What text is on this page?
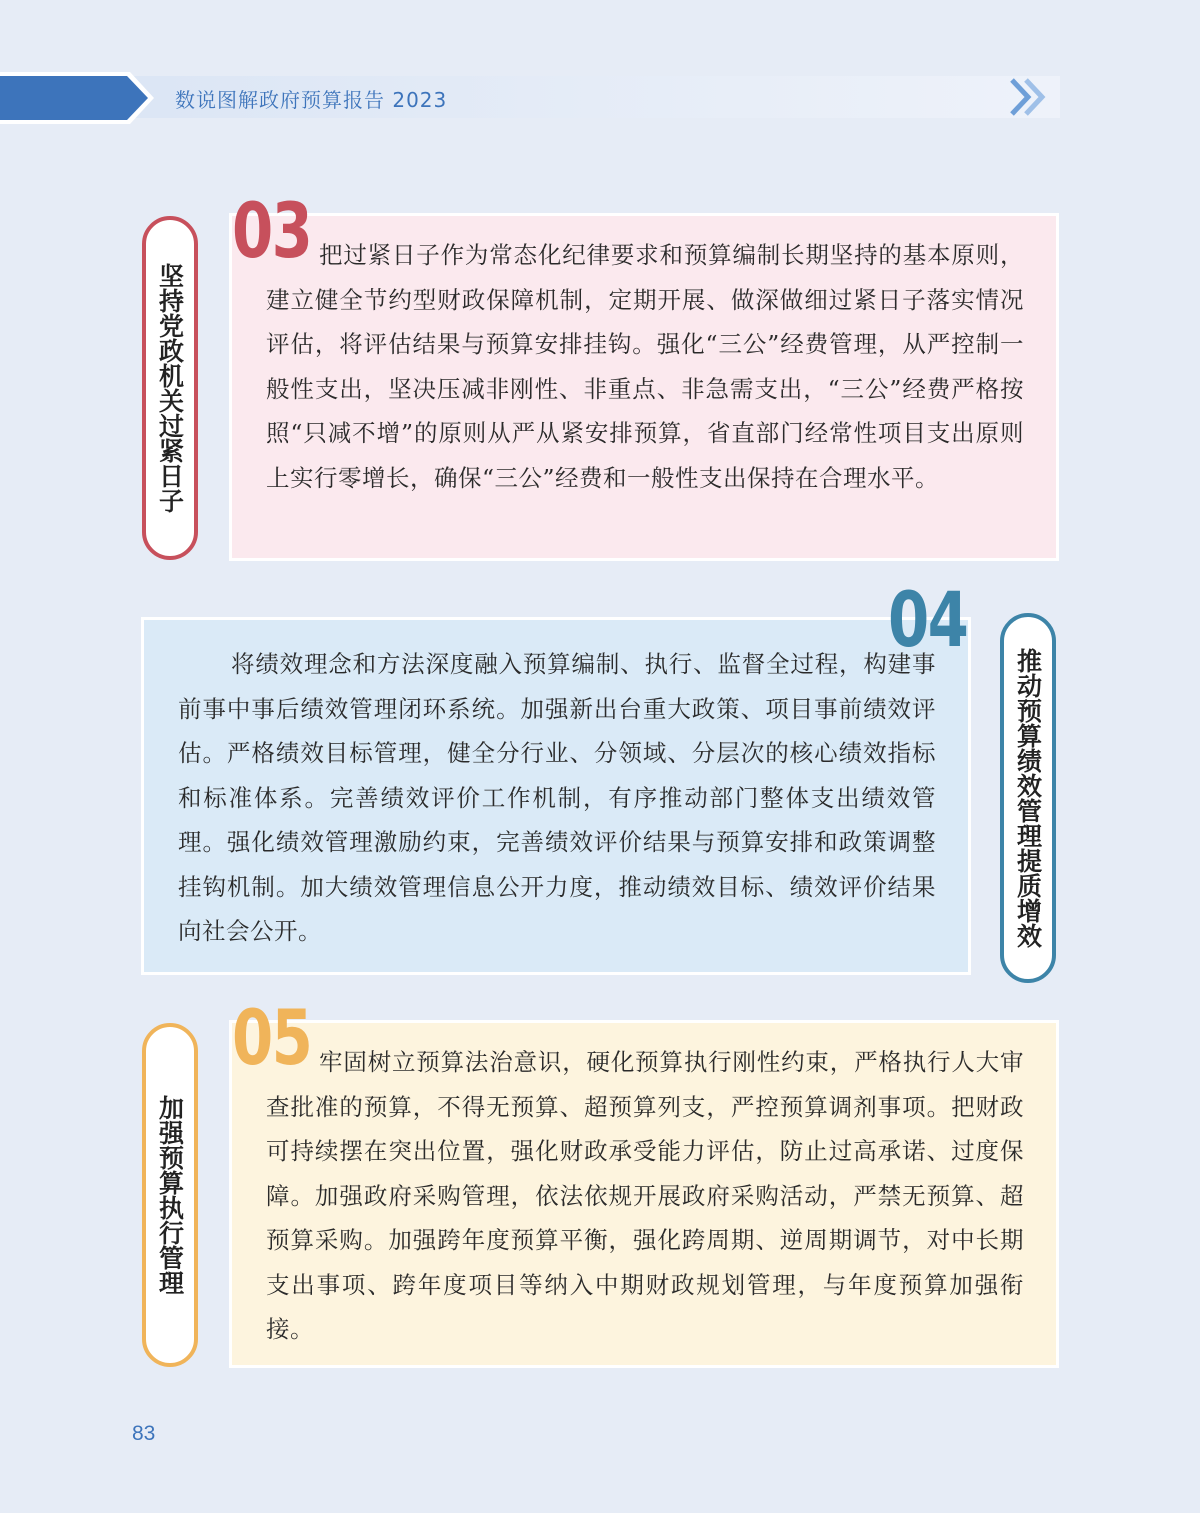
数说图解政府预算报告 2023
坚持党政机关过紧日子
把过紧日子作为常态化纪律要求和预算编制长期坚持的基本原则，建立健全节约型财政保障机制，定期开展、做深做细过紧日子落实情况评估，将评估结果与预算安排挂钩。强化“三公”经费管理，从严控制一般性支出，坚决压减非刚性、非重点、非急需支出，“三公”经费严格按照“只减不增”的原则从严从紧安排预算，省直部门经常性项目支出原则上实行零增长，确保“三公”经费和一般性支出保持在合理水平。
03
将绩效理念和方法深度融入预算编制、执行、监督全过程，构建事前事中事后绩效管理闭环系统。加强新出台重大政策、项目事前绩效评估。严格绩效目标管理，健全分行业、分领域、分层次的核心绩效指标和标准体系。完善绩效评价工作机制，有序推动部门整体支出绩效管理。强化绩效管理激励约束，完善绩效评价结果与预算安排和政策调整挂钩机制。加大绩效管理信息公开力度，推动绩效目标、绩效评价结果向社会公开。
04
推动预算绩效管理提质增效
加强预算执行管理
牢固树立预算法治意识，硬化预算执行刚性约束，严格执行人大审查批准的预算，不得无预算、超预算列支，严控预算调剂事项。把财政可持续摆在突出位置，强化财政承受能力评估，防止过高承诺、过度保障。加强政府采购管理，依法依规开展政府采购活动，严禁无预算、超预算采购。加强跨年度预算平衡，强化跨周期、逆周期调节，对中长期支出事项、跨年度项目等纳入中期财政规划管理，与年度预算加强衔接。
05
83
